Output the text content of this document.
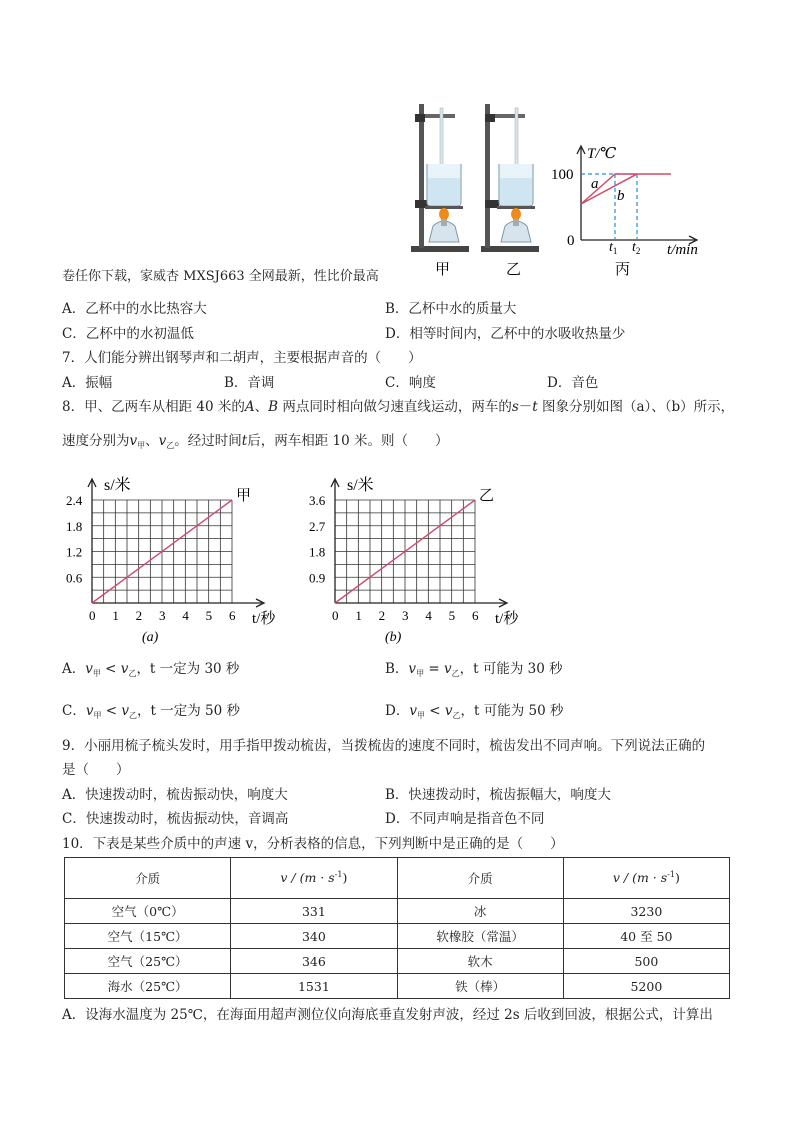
甲	乙
T/℃
t/min
100
0
a
b
$t_1$ $t_2$
丙
卷任你下载，家威杏 MXSJ663 全网最新，性比价最高
A．乙杯中的水比热容大	B．乙杯中水的质量大
C．乙杯中的水初温低	D．相等时间内，乙杯中的水吸收热量少
7．人们能分辨出钢琴声和二胡声，主要根据声音的（　　）
A．振幅	B．音调	C．响度	D．音色
8．甲、乙两车从相距 40 米的A、B 两点同时相向做匀速直线运动，两车的s－t 图象分别如图（a）、（b）所示，
速度分别为$v_甲$、$v_乙$。经过时间t后，两车相距 10 米。则（　　）
0 1 2 3 4 5 6
0.6
1.2
1.8
2.4
s/米
t/秒
甲
(a)
0 1 2 3 4 5 6
0.9
1.8
2.7
3.6
s/米
t/秒
乙
(b)
A．$v_甲 < v_乙$，t 一定为 30 秒	B．$v_甲 = v_乙$，t 可能为 30 秒
C．$v_甲 < v_乙$，t 一定为 50 秒	D．$v_甲 < v_乙$，t 可能为 50 秒
9．小丽用梳子梳头发时，用手指甲拨动梳齿，当拨梳齿的速度不同时，梳齿发出不同声响。下列说法正确的
是（　　）
A．快速拨动时，梳齿振动快，响度大	B．快速拨动时，梳齿振幅大，响度大
C．快速拨动时，梳齿振动快，音调高	D．不同声响是指音色不同
10．下表是某些介质中的声速 v，分析表格的信息，下列判断中是正确的是（　　）
介质	$v / (m \cdot s^{-1})$	介质	$v / (m \cdot s^{-1})$
空气（0℃）	331	冰	3230
空气（15℃）	340	软橡胶（常温）	40 至 50
空气（25℃）	346	软木	500
海水（25℃）	1531	铁（棒）	5200
A．设海水温度为 25℃，在海面用超声测位仪向海底垂直发射声波，经过 2s 后收到回波，根据公式，计算出
